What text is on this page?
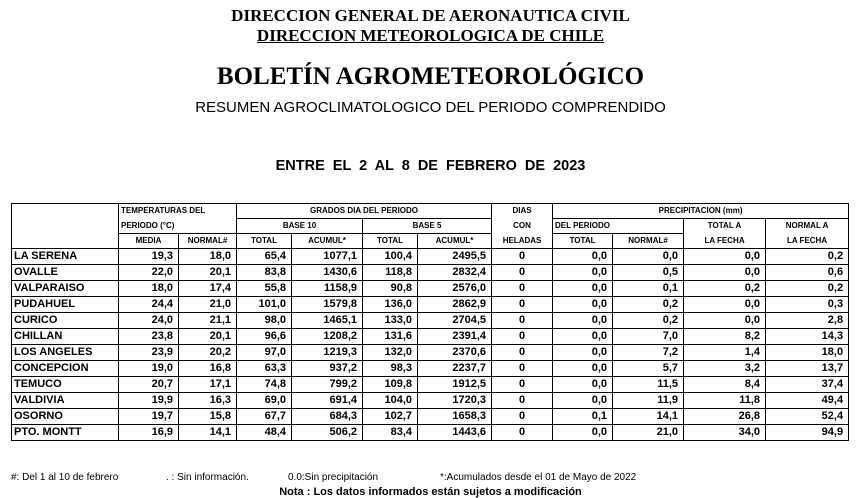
DIRECCION GENERAL DE AERONAUTICA CIVIL
DIRECCION METEOROLOGICA DE CHILE
BOLETÍN AGROMETEOROLÓGICO
RESUMEN AGROCLIMATOLOGICO DEL PERIODO COMPRENDIDO
ENTRE EL 2 AL 8 DE FEBRERO DE 2023
	TEMPERATURAS DEL		GRADOS DIA DEL PERIODO				DIAS	PRECIPITACION (mm)			
	PERIODO (°C)		BASE 10		BASE 5		CON	DEL PERIODO		TOTAL A	NORMAL A
	MEDIA	NORMAL#	TOTAL	ACUMUL*	TOTAL	ACUMUL*	HELADAS	TOTAL	NORMAL#	LA FECHA	LA FECHA
LA SERENA	19,3	18,0	65,4	1077,1	100,4	2495,5	0	0,0	0,0	0,0	0,2
OVALLE	22,0	20,1	83,8	1430,6	118,8	2832,4	0	0,0	0,5	0,0	0,6
VALPARAISO	18,0	17,4	55,8	1158,9	90,8	2576,0	0	0,0	0,1	0,2	0,2
PUDAHUEL	24,4	21,0	101,0	1579,8	136,0	2862,9	0	0,0	0,2	0,0	0,3
CURICO	24,0	21,1	98,0	1465,1	133,0	2704,5	0	0,0	0,2	0,0	2,8
CHILLAN	23,8	20,1	96,6	1208,2	131,6	2391,4	0	0,0	7,0	8,2	14,3
LOS ANGELES	23,9	20,2	97,0	1219,3	132,0	2370,6	0	0,0	7,2	1,4	18,0
CONCEPCION	19,0	16,8	63,3	937,2	98,3	2237,7	0	0,0	5,7	3,2	13,7
TEMUCO	20,7	17,1	74,8	799,2	109,8	1912,5	0	0,0	11,5	8,4	37,4
VALDIVIA	19,9	16,3	69,0	691,4	104,0	1720,3	0	0,0	11,9	11,8	49,4
OSORNO	19,7	15,8	67,7	684,3	102,7	1658,3	0	0,1	14,1	26,8	52,4
PTO. MONTT	16,9	14,1	48,4	506,2	83,4	1443,6	0	0,0	21,0	34,0	94,9
#: Del 1 al 10 de febrero	. : Sin información.	0.0:Sin precipitación	*:Acumulados desde el 01 de Mayo de 2022
Nota : Los datos informados están sujetos a modificación
